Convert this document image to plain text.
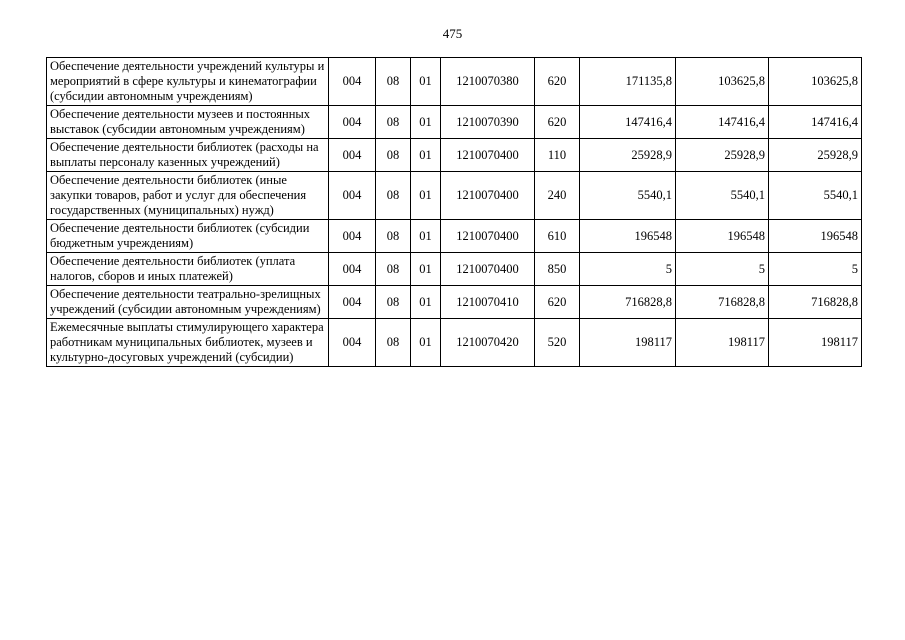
475
Обеспечение деятельности учреждений культуры и мероприятий в сфере культуры и кинематографии (субсидии автономным учреждениям)	004	08	01	1210070380	620	171135,8	103625,8	103625,8
Обеспечение деятельности музеев и постоянных выставок (субсидии автономным учреждениям)	004	08	01	1210070390	620	147416,4	147416,4	147416,4
Обеспечение деятельности библиотек (расходы на выплаты персоналу казенных учреждений)	004	08	01	1210070400	110	25928,9	25928,9	25928,9
Обеспечение деятельности библиотек (иные закупки товаров, работ и услуг для обеспечения государственных (муниципальных) нужд)	004	08	01	1210070400	240	5540,1	5540,1	5540,1
Обеспечение деятельности библиотек (субсидии бюджетным учреждениям)	004	08	01	1210070400	610	196548	196548	196548
Обеспечение деятельности библиотек (уплата налогов, сборов и иных платежей)	004	08	01	1210070400	850	5	5	5
Обеспечение деятельности театрально-зрелищных учреждений (субсидии автономным учреждениям)	004	08	01	1210070410	620	716828,8	716828,8	716828,8
Ежемесячные выплаты стимулирующего характера работникам муниципальных библиотек, музеев и культурно-досуговых учреждений (субсидии)	004	08	01	1210070420	520	198117	198117	198117
